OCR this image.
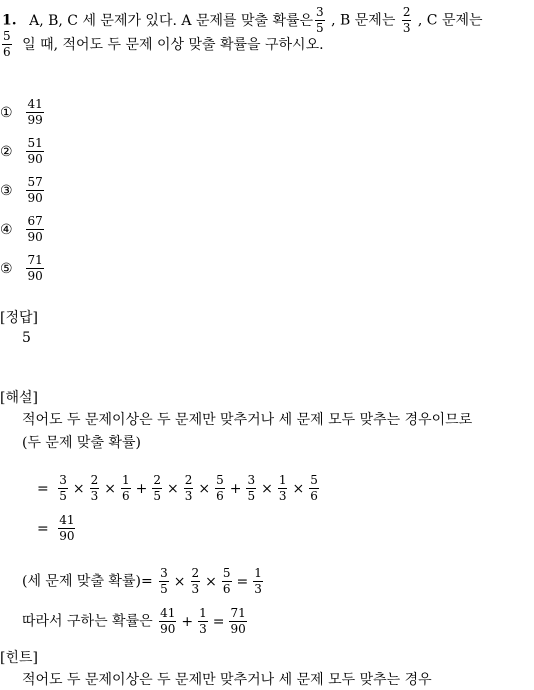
1. A, B, C 세 문제가 있다. A 문제를 맞출 확률은 $\frac{3}{5}$ , B 문제는 $\frac{2}{3}$ , C 문제는
$\frac{5}{6}$ 일 때, 적어도 두 문제 이상 맞출 확률을 구하시오.
① $\frac{41}{99}$
② $\frac{51}{90}$
③ $\frac{57}{90}$
④ $\frac{67}{90}$
⑤ $\frac{71}{90}$
[정답]
5
[해설]
적어도 두 문제이상은 두 문제만 맞추거나 세 문제 모두 맞추는 경우이므로
(두 문제 맞출 확률)
= $\frac{3}{5} \times \frac{2}{3} \times \frac{1}{6} + \frac{2}{5} \times \frac{2}{3} \times \frac{5}{6} + \frac{3}{5} \times \frac{1}{3} \times \frac{5}{6}$
= $\frac{41}{90}$
(세 문제 맞출 확률)= $\frac{3}{5} \times \frac{2}{3} \times \frac{5}{6} = \frac{1}{3}$
따라서 구하는 확률은 $\frac{41}{90} + \frac{1}{3} = \frac{71}{90}$
[힌트]
적어도 두 문제이상은 두 문제만 맞추거나 세 문제 모두 맞추는 경우
